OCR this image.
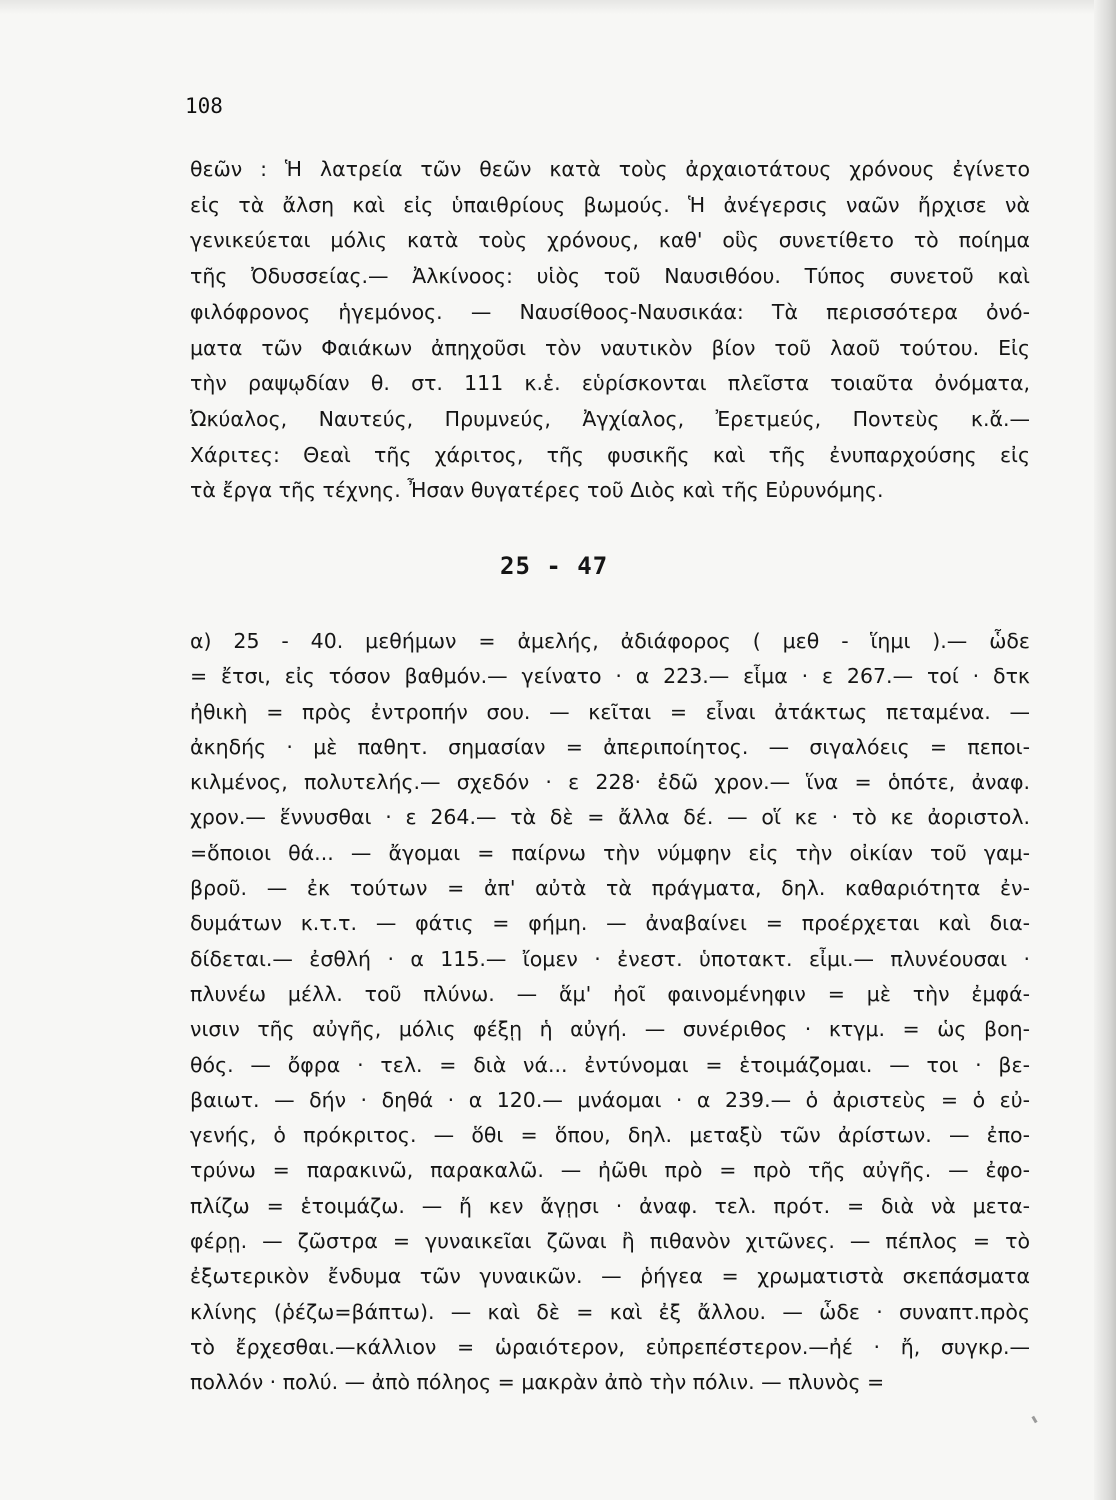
108

θεῶν : Ἡ λατρεία τῶν θεῶν κατὰ τοὺς ἀρχαιοτάτους χρόνους ἐγίνετο
εἰς τὰ ἄλση καὶ εἰς ὑπαιθρίους βωμούς. Ἡ ἀνέγερσις ναῶν ἤρχισε νὰ
γενικεύεται μόλις κατὰ τοὺς χρόνους, καθ' οὓς συνετίθετο τὸ ποίημα
τῆς Ὀδυσσείας.— Ἀλκίνοος: υἱὸς τοῦ Ναυσιθόου. Τύπος συνετοῦ καὶ
φιλόφρονος ἡγεμόνος. — Ναυσίθοος-Ναυσικάα: Τὰ περισσότερα ὀνό-
ματα τῶν Φαιάκων ἀπηχοῦσι τὸν ναυτικὸν βίον τοῦ λαοῦ τούτου. Εἰς
τὴν ραψῳδίαν θ. στ. 111 κ.ἑ. εὑρίσκονται πλεῖστα τοιαῦτα ὀνόματα,
Ὠκύαλος, Ναυτεύς, Πρυμνεύς, Ἀγχίαλος, Ἐρετμεύς, Ποντεὺς κ.ἄ.—
Χάριτες: Θεαὶ τῆς χάριτος, τῆς φυσικῆς καὶ τῆς ἐνυπαρχούσης εἰς
τὰ ἔργα τῆς τέχνης. Ἦσαν θυγατέρες τοῦ Διὸς καὶ τῆς Εὐρυνόμης.

25 - 47

α) 25 - 40. μεθήμων = ἀμελής, ἀδιάφορος ( μεθ - ἵημι ).— ὧδε
= ἔτσι, εἰς τόσον βαθμόν.— γείνατο · α 223.— εἷμα · ε 267.— τοί · δτκ
ἠθικὴ = πρὸς ἐντροπήν σου. — κεῖται = εἶναι ἀτάκτως πεταμένα. —
ἀκηδής · μὲ παθητ. σημασίαν = ἀπεριποίητος. — σιγαλόεις = πεποι-
κιλμένος, πολυτελής.— σχεδόν · ε 228· ἐδῶ χρον.— ἵνα = ὁπότε, ἀναφ.
χρον.— ἕννυσθαι · ε 264.— τὰ δὲ = ἄλλα δέ. — οἵ κε · τὸ κε ἀοριστολ.
=ὅποιοι θά... — ἄγομαι = παίρνω τὴν νύμφην εἰς τὴν οἰκίαν τοῦ γαμ-
βροῦ. — ἐκ τούτων = ἀπ' αὐτὰ τὰ πράγματα, δηλ. καθαριότητα ἐν-
δυμάτων κ.τ.τ. — φάτις = φήμη. — ἀναβαίνει = προέρχεται καὶ δια-
δίδεται.— ἐσθλή · α 115.— ἴομεν · ἐνεστ. ὑποτακτ. εἶμι.— πλυνέουσαι ·
πλυνέω μέλλ. τοῦ πλύνω. — ἅμ' ἠοῖ φαινομένηφιν = μὲ τὴν ἐμφά-
νισιν τῆς αὐγῆς, μόλις φέξῃ ἡ αὐγή. — συνέριθος · κτγμ. = ὡς βοη-
θός. — ὄφρα · τελ. = διὰ νά... ἐντύνομαι = ἑτοιμάζομαι. — τοι · βε-
βαιωτ. — δήν · δηθά · α 120.— μνάομαι · α 239.— ὁ ἀριστεὺς = ὁ εὐ-
γενής, ὁ πρόκριτος. — ὅθι = ὅπου, δηλ. μεταξὺ τῶν ἀρίστων. — ἐπο-
τρύνω = παρακινῶ, παρακαλῶ. — ἠῶθι πρὸ = πρὸ τῆς αὐγῆς. — ἐφο-
πλίζω = ἑτοιμάζω. — ἤ κεν ἄγῃσι · ἀναφ. τελ. πρότ. = διὰ νὰ μετα-
φέρῃ. — ζῶστρα = γυναικεῖαι ζῶναι ἢ πιθανὸν χιτῶνες. — πέπλος = τὸ
ἐξωτερικὸν ἔνδυμα τῶν γυναικῶν. — ῥήγεα = χρωματιστὰ σκεπάσματα
κλίνης (ῥέζω=βάπτω). — καὶ δὲ = καὶ ἐξ ἄλλου. — ὧδε · συναπτ.πρὸς
τὸ ἔρχεσθαι.—κάλλιον = ὡραιότερον, εὐπρεπέστερον.—ἠέ · ἤ, συγκρ.—
πολλόν · πολύ. — ἀπὸ πόληος = μακρὰν ἀπὸ τὴν πόλιν. — πλυνὸς =
